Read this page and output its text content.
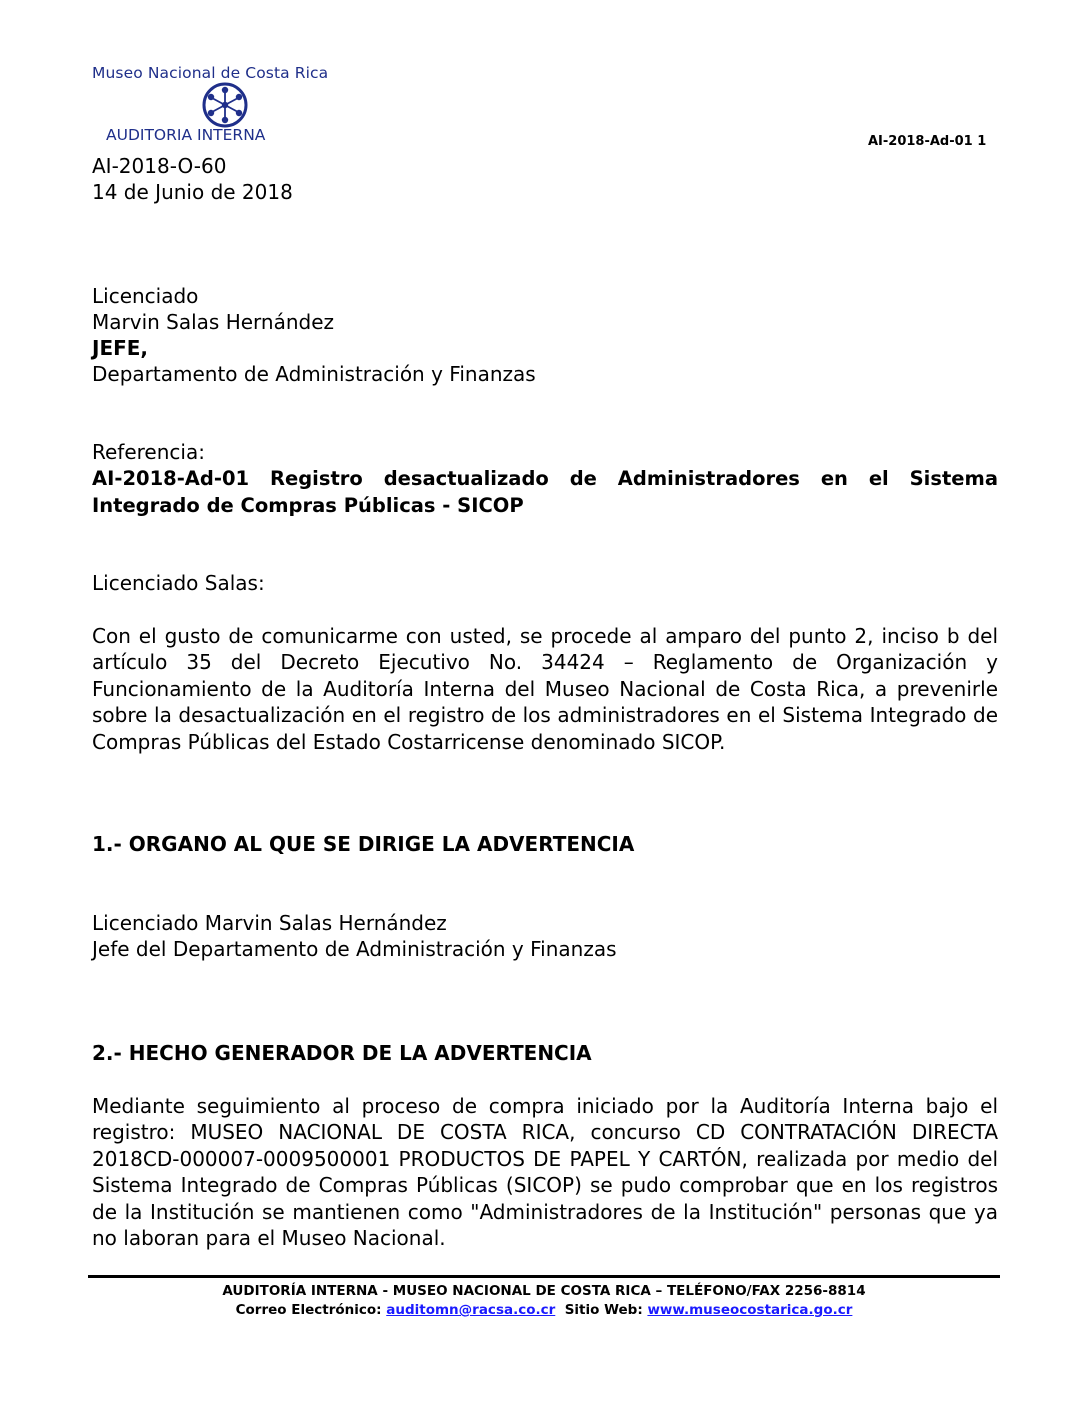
Museo Nacional de Costa Rica
AUDITORIA INTERNA	AI-2018-Ad-01 1
AI-2018-O-60
14 de Junio de 2018
Licenciado
Marvin Salas Hernández
JEFE,
Departamento de Administración y Finanzas
Referencia:
AI-2018-Ad-01 Registro desactualizado de Administradores en el Sistema Integrado de Compras Públicas - SICOP
Licenciado Salas:
Con el gusto de comunicarme con usted, se procede al amparo del punto 2, inciso b del artículo 35 del Decreto Ejecutivo No. 34424 – Reglamento de Organización y Funcionamiento de la Auditoría Interna del Museo Nacional de Costa Rica, a prevenirle sobre la desactualización en el registro de los administradores en el Sistema Integrado de Compras Públicas del Estado Costarricense denominado SICOP.
1.- ORGANO AL QUE SE DIRIGE LA ADVERTENCIA
Licenciado Marvin Salas Hernández
Jefe del Departamento de Administración y Finanzas
2.- HECHO GENERADOR DE LA ADVERTENCIA
Mediante seguimiento al proceso de compra iniciado por la Auditoría Interna bajo el registro: MUSEO NACIONAL DE COSTA RICA, concurso CD CONTRATACIÓN DIRECTA 2018CD-000007-0009500001 PRODUCTOS DE PAPEL Y CARTÓN, realizada por medio del Sistema Integrado de Compras Públicas (SICOP) se pudo comprobar que en los registros de la Institución se mantienen como "Administradores de la Institución" personas que ya no laboran para el Museo Nacional.
AUDITORÍA INTERNA - MUSEO NACIONAL DE COSTA RICA – TELÉFONO/FAX 2256-8814
Correo Electrónico: auditomn@racsa.co.cr Sitio Web: www.museocostarica.go.cr
